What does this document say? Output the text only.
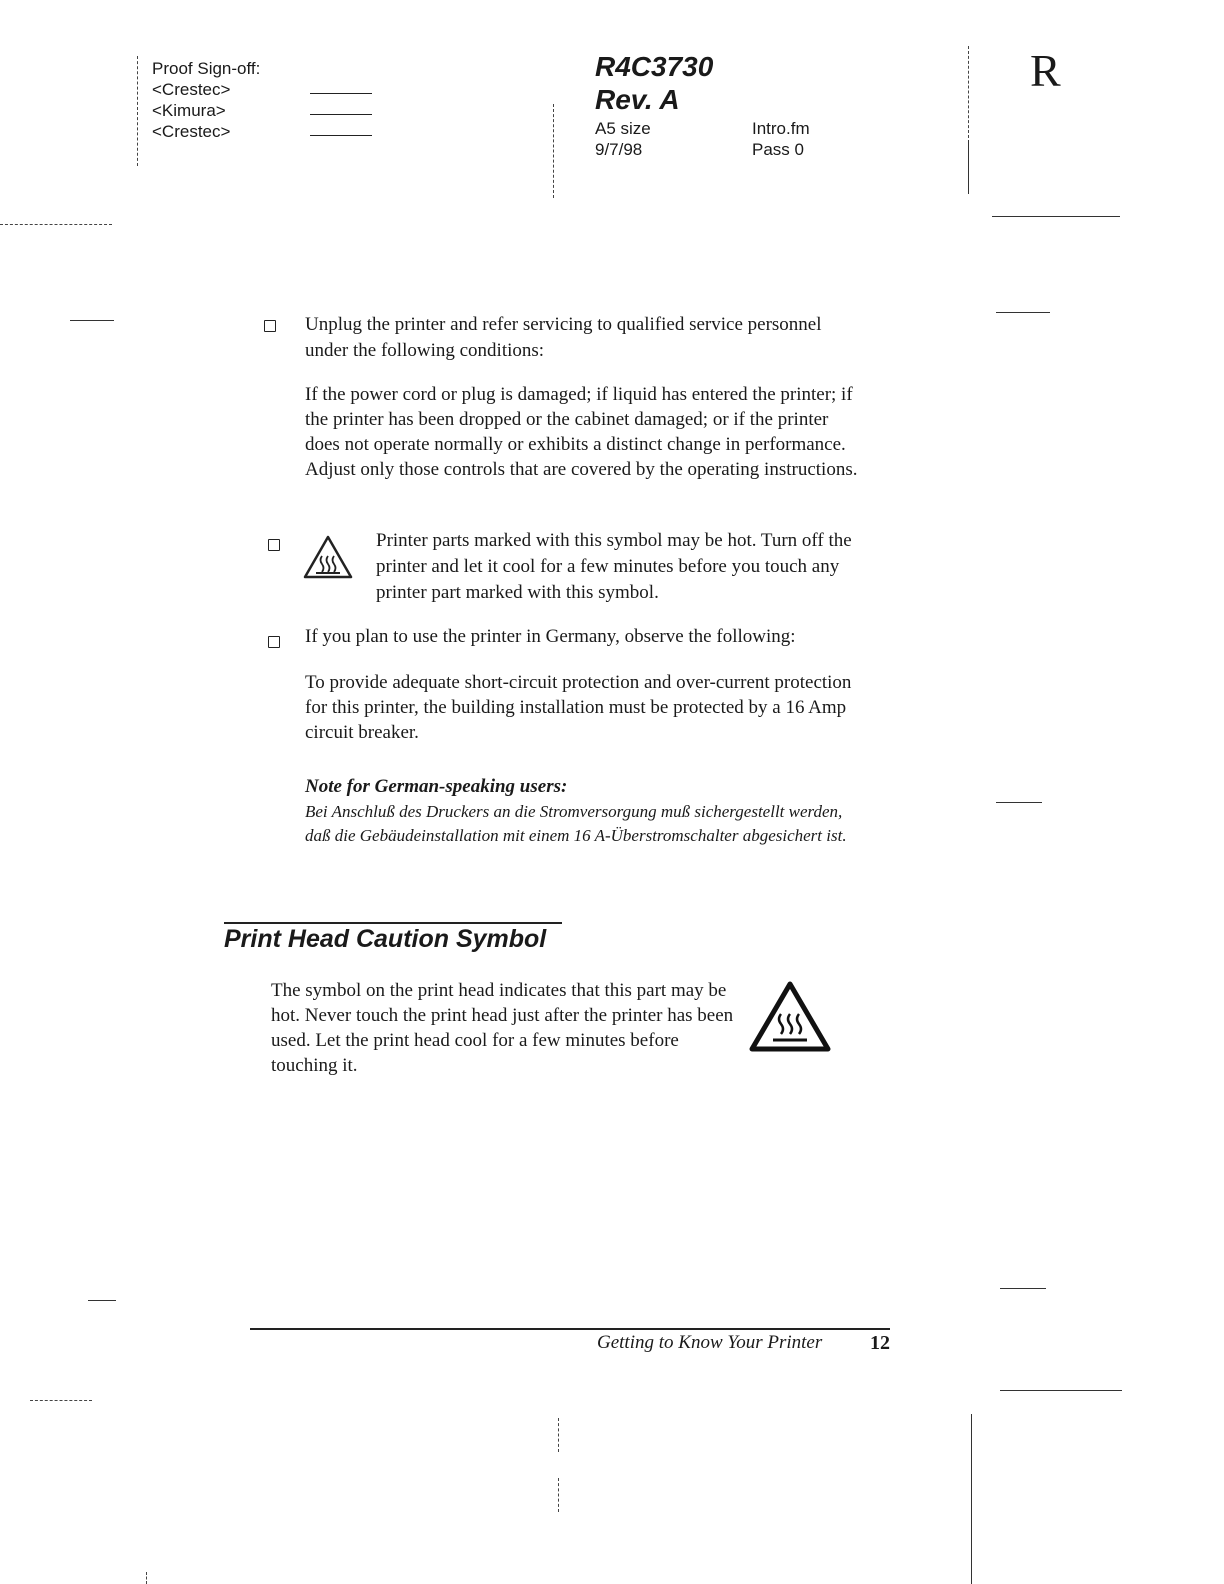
Proof Sign-off:
<Crestec>
<Kimura>
<Crestec>
R4C3730
Rev. A
A5 size
9/7/98
Intro.fm
Pass 0
R
Unplug the printer and refer servicing to qualified service personnel under the following conditions:
If the power cord or plug is damaged; if liquid has entered the printer; if the printer has been dropped or the cabinet damaged; or if the printer does not operate normally or exhibits a distinct change in performance. Adjust only those controls that are covered by the operating instructions.
Printer parts marked with this symbol may be hot. Turn off the printer and let it cool for a few minutes before you touch any printer part marked with this symbol.
If you plan to use the printer in Germany, observe the following:
To provide adequate short-circuit protection and over-current protection for this printer, the building installation must be protected by a 16 Amp circuit breaker.
Note for German-speaking users:
Bei Anschluß des Druckers an die Stromversorgung muß sichergestellt werden, daß die Gebäudeinstallation mit einem 16 A-Überstromschalter abgesichert ist.
Print Head Caution Symbol
The symbol on the print head indicates that this part may be hot. Never touch the print head just after the printer has been used. Let the print head cool for a few minutes before touching it.
Getting to Know Your Printer 12
